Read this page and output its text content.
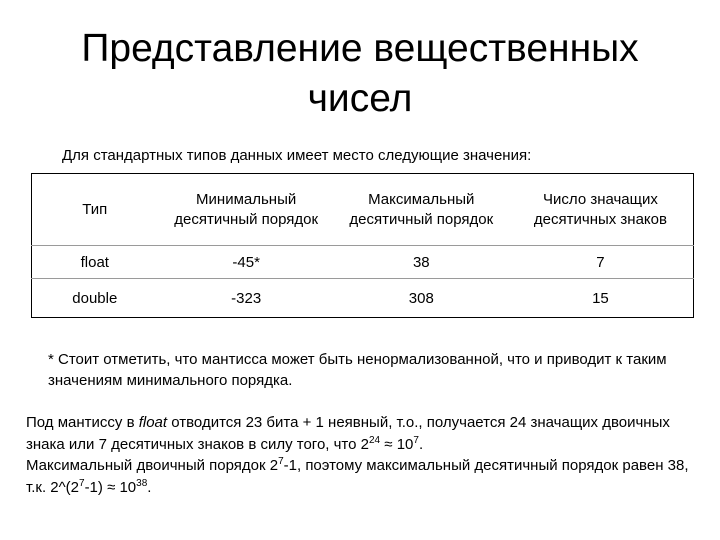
Представление вещественных чисел

Для стандартных типов данных имеет место следующие значения:

Тип	Минимальный десятичный порядок	Максимальный десятичный порядок	Число значащих десятичных знаков
float	-45*	38	7
double	-323	308	15

* Стоит отметить, что мантисса может быть ненормализованной, что и приводит к таким значениям минимального порядка.

Под мантиссу в float отводится 23 бита + 1 неявный, т.о., получается 24 значащих двоичных знака или 7 десятичных знаков в силу того, что $2^{24} \approx 10^7$.

Максимальный двоичный порядок $2^7-1$, поэтому максимальный десятичный порядок равен 38, т.к. $2\^{}(2^7-1) \approx 10^{38}$.
